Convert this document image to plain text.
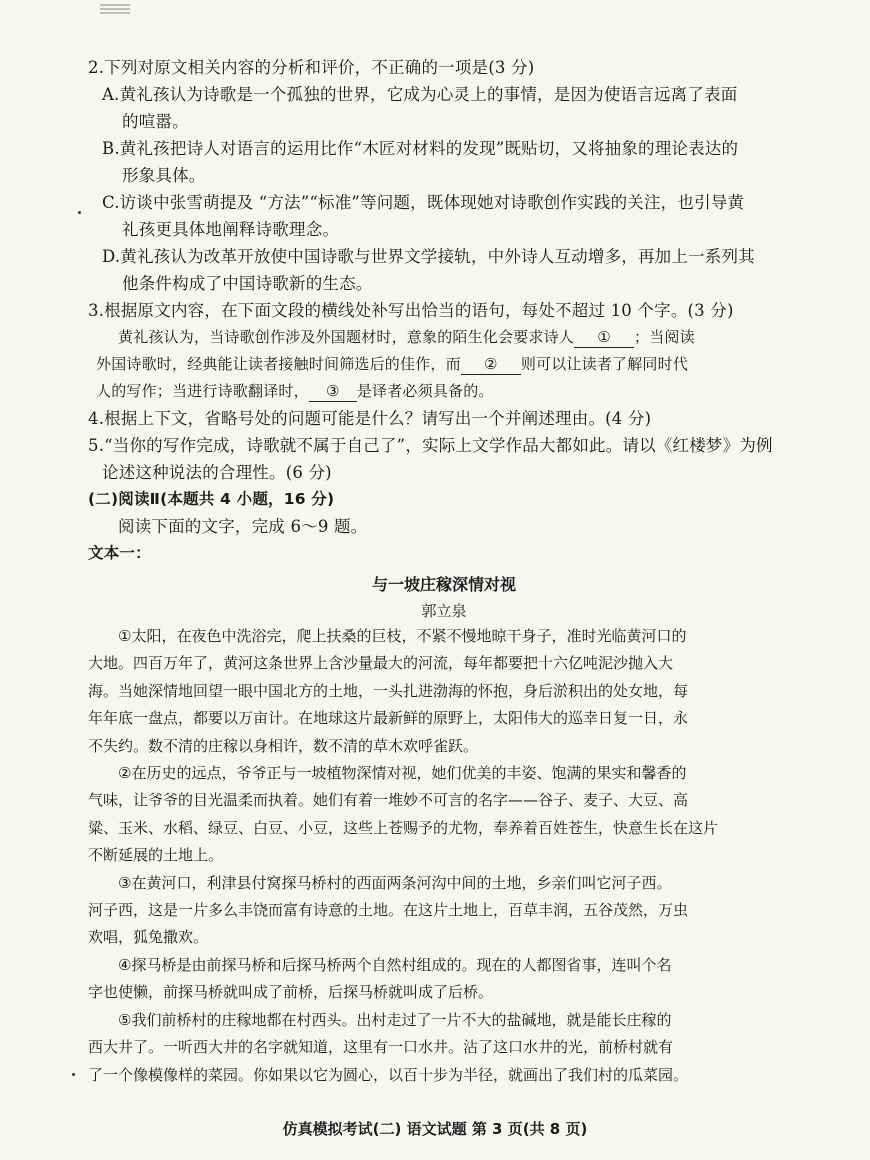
2.下列对原文相关内容的分析和评价，不正确的一项是(3 分)
A.黄礼孩认为诗歌是一个孤独的世界，它成为心灵上的事情，是因为使语言远离了表面
的喧嚣。
B.黄礼孩把诗人对语言的运用比作“木匠对材料的发现”既贴切，又将抽象的理论表达的
形象具体。
C.访谈中张雪萌提及 “方法”“标准”等问题，既体现她对诗歌创作实践的关注，也引导黄
礼孩更具体地阐释诗歌理念。
D.黄礼孩认为改革开放使中国诗歌与世界文学接轨，中外诗人互动增多，再加上一系列其
他条件构成了中国诗歌新的生态。
3.根据原文内容，在下面文段的横线处补写出恰当的语句，每处不超过 10 个字。(3 分)
黄礼孩认为，当诗歌创作涉及外国题材时，意象的陌生化会要求诗人 ① ；当阅读
外国诗歌时，经典能让读者接触时间筛选后的佳作，而 ② 则可以让读者了解同时代
人的写作；当进行诗歌翻译时， ③ 是译者必须具备的。
4.根据上下文，省略号处的问题可能是什么？请写出一个并阐述理由。(4 分)
5.“当你的写作完成，诗歌就不属于自己了”，实际上文学作品大都如此。请以《红楼梦》为例
论述这种说法的合理性。(6 分)
(二)阅读Ⅱ(本题共 4 小题，16 分)
阅读下面的文字，完成 6～9 题。
文本一：
与一坡庄稼深情对视
郭立泉
①太阳，在夜色中洗浴完，爬上扶桑的巨枝，不紧不慢地晾干身子，准时光临黄河口的
大地。四百万年了，黄河这条世界上含沙量最大的河流，每年都要把十六亿吨泥沙抛入大
海。当她深情地回望一眼中国北方的土地，一头扎进渤海的怀抱，身后淤积出的处女地，每
年年底一盘点，都要以万亩计。在地球这片最新鲜的原野上，太阳伟大的巡幸日复一日，永
不失约。数不清的庄稼以身相许，数不清的草木欢呼雀跃。
②在历史的远点，爷爷正与一坡植物深情对视，她们优美的丰姿、饱满的果实和馨香的
气味，让爷爷的目光温柔而执着。她们有着一堆妙不可言的名字——谷子、麦子、大豆、高
粱、玉米、水稻、绿豆、白豆、小豆，这些上苍赐予的尤物，奉养着百姓苍生，快意生长在这片
不断延展的土地上。
③在黄河口，利津县付窝探马桥村的西面两条河沟中间的土地，乡亲们叫它河子西。
河子西，这是一片多么丰饶而富有诗意的土地。在这片土地上，百草丰润，五谷茂然，万虫
欢唱，狐兔撒欢。
④探马桥是由前探马桥和后探马桥两个自然村组成的。现在的人都图省事，连叫个名
字也使懒，前探马桥就叫成了前桥，后探马桥就叫成了后桥。
⑤我们前桥村的庄稼地都在村西头。出村走过了一片不大的盐碱地，就是能长庄稼的
西大井了。一听西大井的名字就知道，这里有一口水井。沾了这口水井的光，前桥村就有
了一个像模像样的菜园。你如果以它为圆心，以百十步为半径，就画出了我们村的瓜菜园。
仿真模拟考试(二) 语文试题 第 3 页(共 8 页)
